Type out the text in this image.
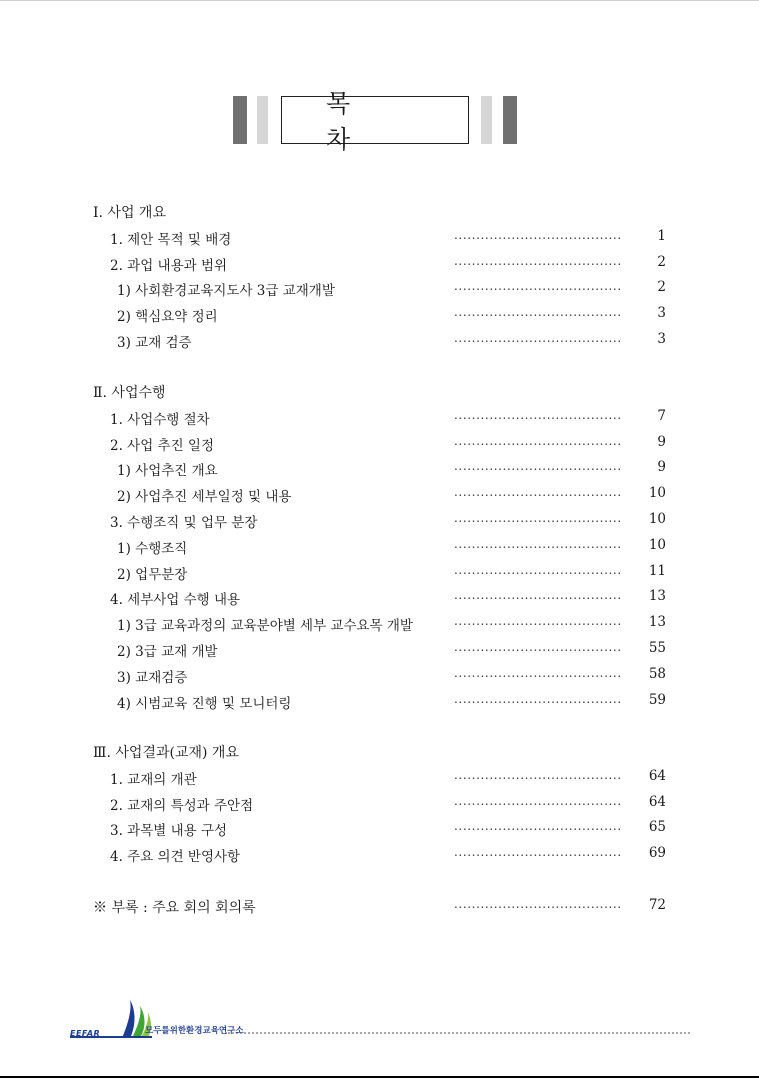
목 차
Ⅰ. 사업 개요
1. 제안 목적 및 배경	......................................	1
2. 과업 내용과 범위	......................................	2
1) 사회환경교육지도사 3급 교재개발	......................................	2
2) 핵심요약 정리	......................................	3
3) 교재 검증	......................................	3
Ⅱ. 사업수행
1. 사업수행 절차	......................................	7
2. 사업 추진 일정	......................................	9
1) 사업추진 개요	......................................	9
2) 사업추진 세부일정 및 내용	...................................... 10
3. 수행조직 및 업무 분장	...................................... 10
1) 수행조직	...................................... 10
2) 업무분장	...................................... 11
4. 세부사업 수행 내용	...................................... 13
1) 3급 교육과정의 교육분야별 세부 교수요목 개발	...................................... 13
2) 3급 교재 개발	...................................... 55
3) 교재검증	...................................... 58
4) 시범교육 진행 및 모니터링	...................................... 59
Ⅲ. 사업결과(교재) 개요
1. 교재의 개관	...................................... 64
2. 교재의 특성과 주안점	...................................... 64
3. 과목별 내용 구성	...................................... 65
4. 주요 의견 반영사항	...................................... 69
※ 부록 : 주요 회의 회의록	...................................... 72
EEFAR	모두를위한환경교육연구소
